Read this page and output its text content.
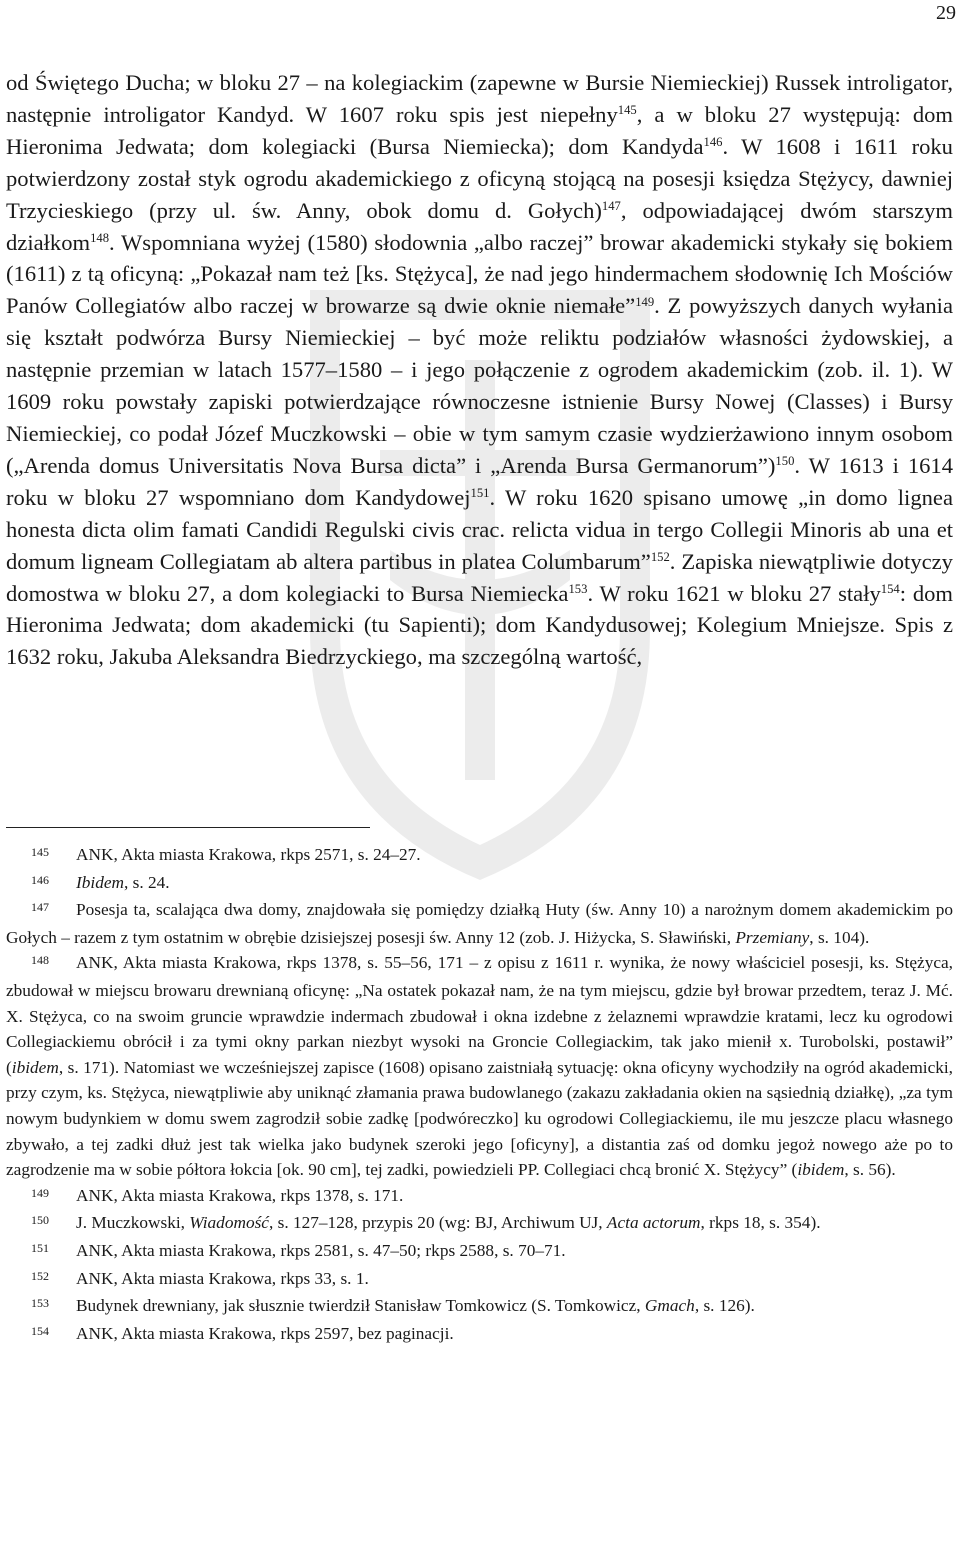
29

od Świętego Ducha; w bloku 27 – na kolegiackim (zapewne w Bursie Niemieckiej) Russek introligator, następnie introligator Kandyd. W 1607 roku spis jest niepełny$^{145}$, a w bloku 27 występują: dom Hieronima Jedwata; dom kolegiacki (Bursa Niemiecka); dom Kandyda$^{146}$. W 1608 i 1611 roku potwierdzony został styk ogrodu akademickiego z oficyną stojącą na posesji księdza Stężycy, dawniej Trzycieskiego (przy ul. św. Anny, obok domu d. Gołych)$^{147}$, odpowiadającej dwóm starszym działkom$^{148}$. Wspomniana wyżej (1580) słodownia „albo raczej” browar akademicki stykały się bokiem (1611) z tą oficyną: „Pokazał nam też [ks. Stężyca], że nad jego hindermachem słodownię Ich Mościów Panów Collegiatów albo raczej w browarze są dwie oknie niemałe”$^{149}$. Z powyższych danych wyłania się kształt podwórza Bursy Niemieckiej – być może reliktu podziałów własności żydowskiej, a następnie przemian w latach 1577–1580 – i jego połączenie z ogrodem akademickim (zob. il. 1). W 1609 roku powstały zapiski potwierdzające równoczesne istnienie Bursy Nowej (Classes) i Bursy Niemieckiej, co podał Józef Muczkowski – obie w tym samym czasie wydzierżawiono innym osobom („Arenda domus Universitatis Nova Bursa dicta” i „Arenda Bursa Germanorum”)$^{150}$. W 1613 i 1614 roku w bloku 27 wspomniano dom Kandydowej$^{151}$. W roku 1620 spisano umowę „in domo lignea honesta dicta olim famati Candidi Regulski civis crac. relicta vidua in tergo Collegii Minoris ab una et domum ligneam Collegiatam ab altera partibus in platea Columbarum”$^{152}$. Zapiska niewątpliwie dotyczy domostwa w bloku 27, a dom kolegiacki to Bursa Niemiecka$^{153}$. W roku 1621 w bloku 27 stały$^{154}$: dom Hieronima Jedwata; dom akademicki (tu Sapienti); dom Kandydusowej; Kolegium Mniejsze. Spis z 1632 roku, Jakuba Aleksandra Biedrzyckiego, ma szczególną wartość,

145 ANK, Akta miasta Krakowa, rkps 2571, s. 24–27.

146 Ibidem, s. 24.

147 Posesja ta, scalająca dwa domy, znajdowała się pomiędzy działką Huty (św. Anny 10) a narożnym domem akademickim po Gołych – razem z tym ostatnim w obrębie dzisiejszej posesji św. Anny 12 (zob. J. Hiżycka, S. Sławiński, Przemiany, s. 104).

148 ANK, Akta miasta Krakowa, rkps 1378, s. 55–56, 171 – z opisu z 1611 r. wynika, że nowy właściciel posesji, ks. Stężyca, zbudował w miejscu browaru drewnianą oficynę: „Na ostatek pokazał nam, że na tym miejscu, gdzie był browar przedtem, teraz J. Mć. X. Stężyca, co na swoim gruncie wprawdzie indermach zbudował i okna izdebne z żelaznemi wprawdzie kratami, lecz ku ogrodowi Collegiackiemu obrócił i za tymi okny parkan niezbyt wysoki na Groncie Collegiackim, tak jako mienił x. Turobolski, postawił” (ibidem, s. 171). Natomiast we wcześniejszej zapisce (1608) opisano zaistniałą sytuację: okna oficyny wychodziły na ogród akademicki, przy czym, ks. Stężyca, niewątpliwie aby uniknąć złamania prawa budowlanego (zakazu zakładania okien na sąsiednią działkę), „za tym nowym budynkiem w domu swem zagrodził sobie zadkę [podwóreczko] ku ogrodowi Collegiackiemu, ile mu jeszcze placu własnego zbywało, a tej zadki dłuż jest tak wielka jako budynek szeroki jego [oficyny], a distantia zaś od domku jegoż nowego aże po to zagrodzenie ma w sobie półtora łokcia [ok. 90 cm], tej zadki, powiedzieli PP. Collegiaci chcą bronić X. Stężycy” (ibidem, s. 56).

149 ANK, Akta miasta Krakowa, rkps 1378, s. 171.

150 J. Muczkowski, Wiadomość, s. 127–128, przypis 20 (wg: BJ, Archiwum UJ, Acta actorum, rkps 18, s. 354).

151 ANK, Akta miasta Krakowa, rkps 2581, s. 47–50; rkps 2588, s. 70–71.

152 ANK, Akta miasta Krakowa, rkps 33, s. 1.

153 Budynek drewniany, jak słusznie twierdził Stanisław Tomkowicz (S. Tomkowicz, Gmach, s. 126).

154 ANK, Akta miasta Krakowa, rkps 2597, bez paginacji.
